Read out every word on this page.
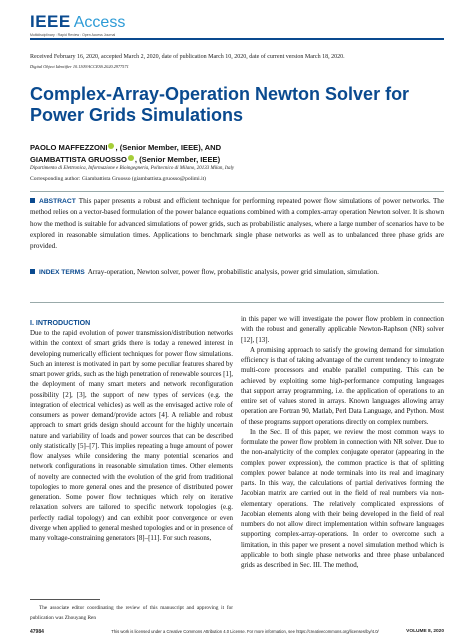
IEEE Access
Multidisciplinary : Rapid Review : Open Access Journal
Received February 16, 2020, accepted March 2, 2020, date of publication March 10, 2020, date of current version March 18, 2020.
Digital Object Identifier 10.1109/ACCESS.2020.2977571
Complex-Array-Operation Newton Solver for Power Grids Simulations
PAOLO MAFFEZZONI , (Senior Member, IEEE), AND
GIAMBATTISTA GRUOSSO , (Senior Member, IEEE)
Dipartimento di Elettronica, Informazione e Bioingegneria, Politecnico di Milano, 20133 Milan, Italy
Corresponding author: Giambattista Gruosso (giambattista.gruosso@polimi.it)
ABSTRACT This paper presents a robust and efficient technique for performing repeated power flow simulations of power networks. The method relies on a vector-based formulation of the power balance equations combined with a complex-array operation Newton solver. It is shown how the method is suitable for advanced simulations of power grids, such as probabilistic analyses, where a large number of scenarios have to be explored in reasonable simulation times. Applications to benchmark single phase networks as well as to unbalanced three phase grids are provided.
INDEX TERMS Array-operation, Newton solver, power flow, probabilistic analysis, power grid simulation, simulation.
I. INTRODUCTION

Due to the rapid evolution of power transmission/distribution networks within the context of smart grids there is today a renewed interest in developing numerically efficient techniques for power flow simulations. Such an interest is motivated in part by some peculiar features shared by smart power grids, such as the high penetration of renewable sources [1], the deployment of many smart meters and network reconfiguration possibility [2], [3], the support of new types of services (e.g. the integration of electrical vehicles) as well as the envisaged active role of consumers as power demand/provide actors [4]. A reliable and robust approach to smart grids design should account for the highly uncertain nature and variability of loads and power sources that can be described only statistically [5]–[7]. This implies repeating a huge amount of power flow analyses while considering the many potential scenarios and network configurations in reasonable simulation times. Other elements of novelty are connected with the evolution of the grid from traditional topologies to more general ones and the presence of distributed power generation. Some power flow techniques which rely on iterative relaxation solvers are tailored to specific network topologies (e.g. perfectly radial topology) and can exhibit poor convergence or even diverge when applied to general meshed topologies and or in presence of many voltage-constraining generators [8]–[11]. For such reasons,

in this paper we will investigate the power flow problem in connection with the robust and generally applicable Newton-Raphson (NR) solver [12], [13].

A promising approach to satisfy the growing demand for simulation efficiency is that of taking advantage of the current tendency to integrate multi-core processors and enable parallel computing. This can be achieved by exploiting some high-performance computing languages that support array programming, i.e. the application of operations to an entire set of values stored in arrays. Known languages allowing array operation are Fortran 90, Matlab, Perl Data Language, and Python. Most of these programs support operations directly on complex numbers.

In the Sec. II of this paper, we review the most common ways to formulate the power flow problem in connection with NR solver. Due to the non-analyticity of the complex conjugate operator (appearing in the complex power expression), the common practice is that of splitting complex power balance at node terminals into its real and imaginary parts. In this way, the calculations of partial derivatives forming the Jacobian matrix are carried out in the field of real numbers via non-elementary operations. The relatively complicated expressions of Jacobian elements along with their being developed in the field of real numbers do not allow direct implementation within software languages supporting complex-array-operations. In order to overcome such a limitation, in this paper we present a novel simulation method which is applicable to both single phase networks and three phase unbalanced grids as described in Sec. III. The method,

The associate editor coordinating the review of this manuscript and approving it for publication was Zhouyang Ren
47984	This work is licensed under a Creative Commons Attribution 4.0 License. For more information, see https://creativecommons.org/licenses/by/4.0/	VOLUME 8, 2020
